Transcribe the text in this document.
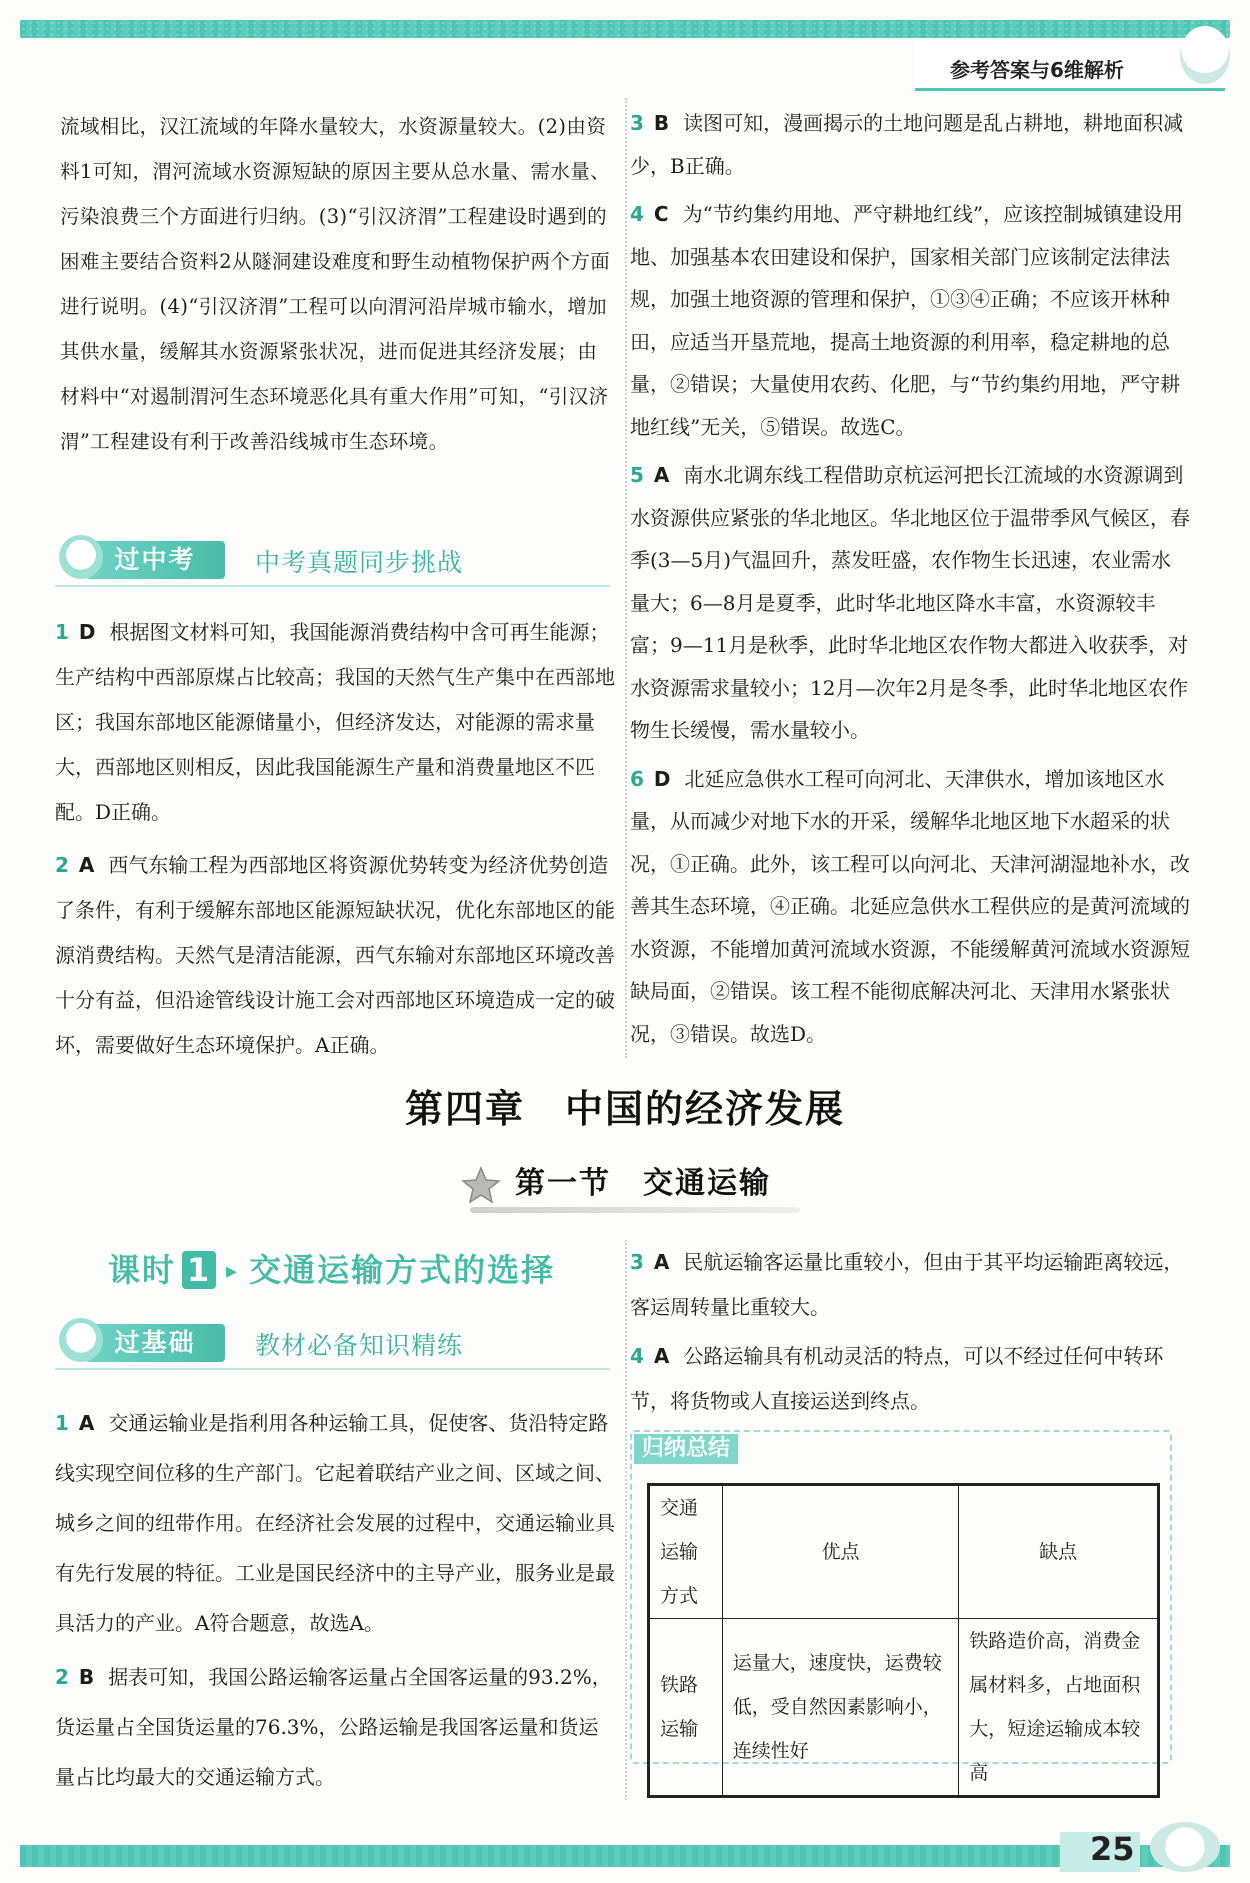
参考答案与6维解析

流域相比，汉江流域的年降水量较大，水资源量较大。(2)由资料1可知，渭河流域水资源短缺的原因主要从总水量、需水量、污染浪费三个方面进行归纳。(3)“引汉济渭”工程建设时遇到的困难主要结合资料2从隧洞建设难度和野生动植物保护两个方面进行说明。(4)“引汉济渭”工程可以向渭河沿岸城市输水，增加其供水量，缓解其水资源紧张状况，进而促进其经济发展；由材料中“对遏制渭河生态环境恶化具有重大作用”可知，“引汉济渭”工程建设有利于改善沿线城市生态环境。

过中考	中考真题同步挑战
1 D 根据图文材料可知，我国能源消费结构中含可再生能源；生产结构中西部原煤占比较高；我国的天然气生产集中在西部地区；我国东部地区能源储量小，但经济发达，对能源的需求量大，西部地区则相反，因此我国能源生产量和消费量地区不匹配。D正确。
2 A 西气东输工程为西部地区将资源优势转变为经济优势创造了条件，有利于缓解东部地区能源短缺状况，优化东部地区的能源消费结构。天然气是清洁能源，西气东输对东部地区环境改善十分有益，但沿途管线设计施工会对西部地区环境造成一定的破坏，需要做好生态环境保护。A正确。
3 B 读图可知，漫画揭示的土地问题是乱占耕地，耕地面积减少，B正确。
4 C 为“节约集约用地、严守耕地红线”，应该控制城镇建设用地、加强基本农田建设和保护，国家相关部门应该制定法律法规，加强土地资源的管理和保护，①③④正确；不应该开林种田，应适当开垦荒地，提高土地资源的利用率，稳定耕地的总量，②错误；大量使用农药、化肥，与“节约集约用地，严守耕地红线”无关，⑤错误。故选C。
5 A 南水北调东线工程借助京杭运河把长江流域的水资源调到水资源供应紧张的华北地区。华北地区位于温带季风气候区，春季(3—5月)气温回升，蒸发旺盛，农作物生长迅速，农业需水量大；6—8月是夏季，此时华北地区降水丰富，水资源较丰富；9—11月是秋季，此时华北地区农作物大都进入收获季，对水资源需求量较小；12月—次年2月是冬季，此时华北地区农作物生长缓慢，需水量较小。
6 D 北延应急供水工程可向河北、天津供水，增加该地区水量，从而减少对地下水的开采，缓解华北地区地下水超采的状况，①正确。此外，该工程可以向河北、天津河湖湿地补水，改善其生态环境，④正确。北延应急供水工程供应的是黄河流域的水资源，不能增加黄河流域水资源，不能缓解黄河流域水资源短缺局面，②错误。该工程不能彻底解决河北、天津用水紧张状况，③错误。故选D。
第四章　中国的经济发展
第一节　交通运输
课时 1 ▸ 交通运输方式的选择
过基础	教材必备知识精练
1 A 交通运输业是指利用各种运输工具，促使客、货沿特定路线实现空间位移的生产部门。它起着联结产业之间、区域之间、城乡之间的纽带作用。在经济社会发展的过程中，交通运输业具有先行发展的特征。工业是国民经济中的主导产业，服务业是最具活力的产业。A符合题意，故选A。
2 B 据表可知，我国公路运输客运量占全国客运量的93.2%，货运量占全国货运量的76.3%，公路运输是我国客运量和货运量占比均最大的交通运输方式。
3 A 民航运输客运量比重较小，但由于其平均运输距离较远，客运周转量比重较大。
4 A 公路运输具有机动灵活的特点，可以不经过任何中转环节，将货物或人直接运送到终点。
归纳总结
交通运输方式	优点	缺点
铁路运输	运量大，速度快，运费较低，受自然因素影响小，连续性好	铁路造价高，消费金属材料多，占地面积大，短途运输成本较高
25
